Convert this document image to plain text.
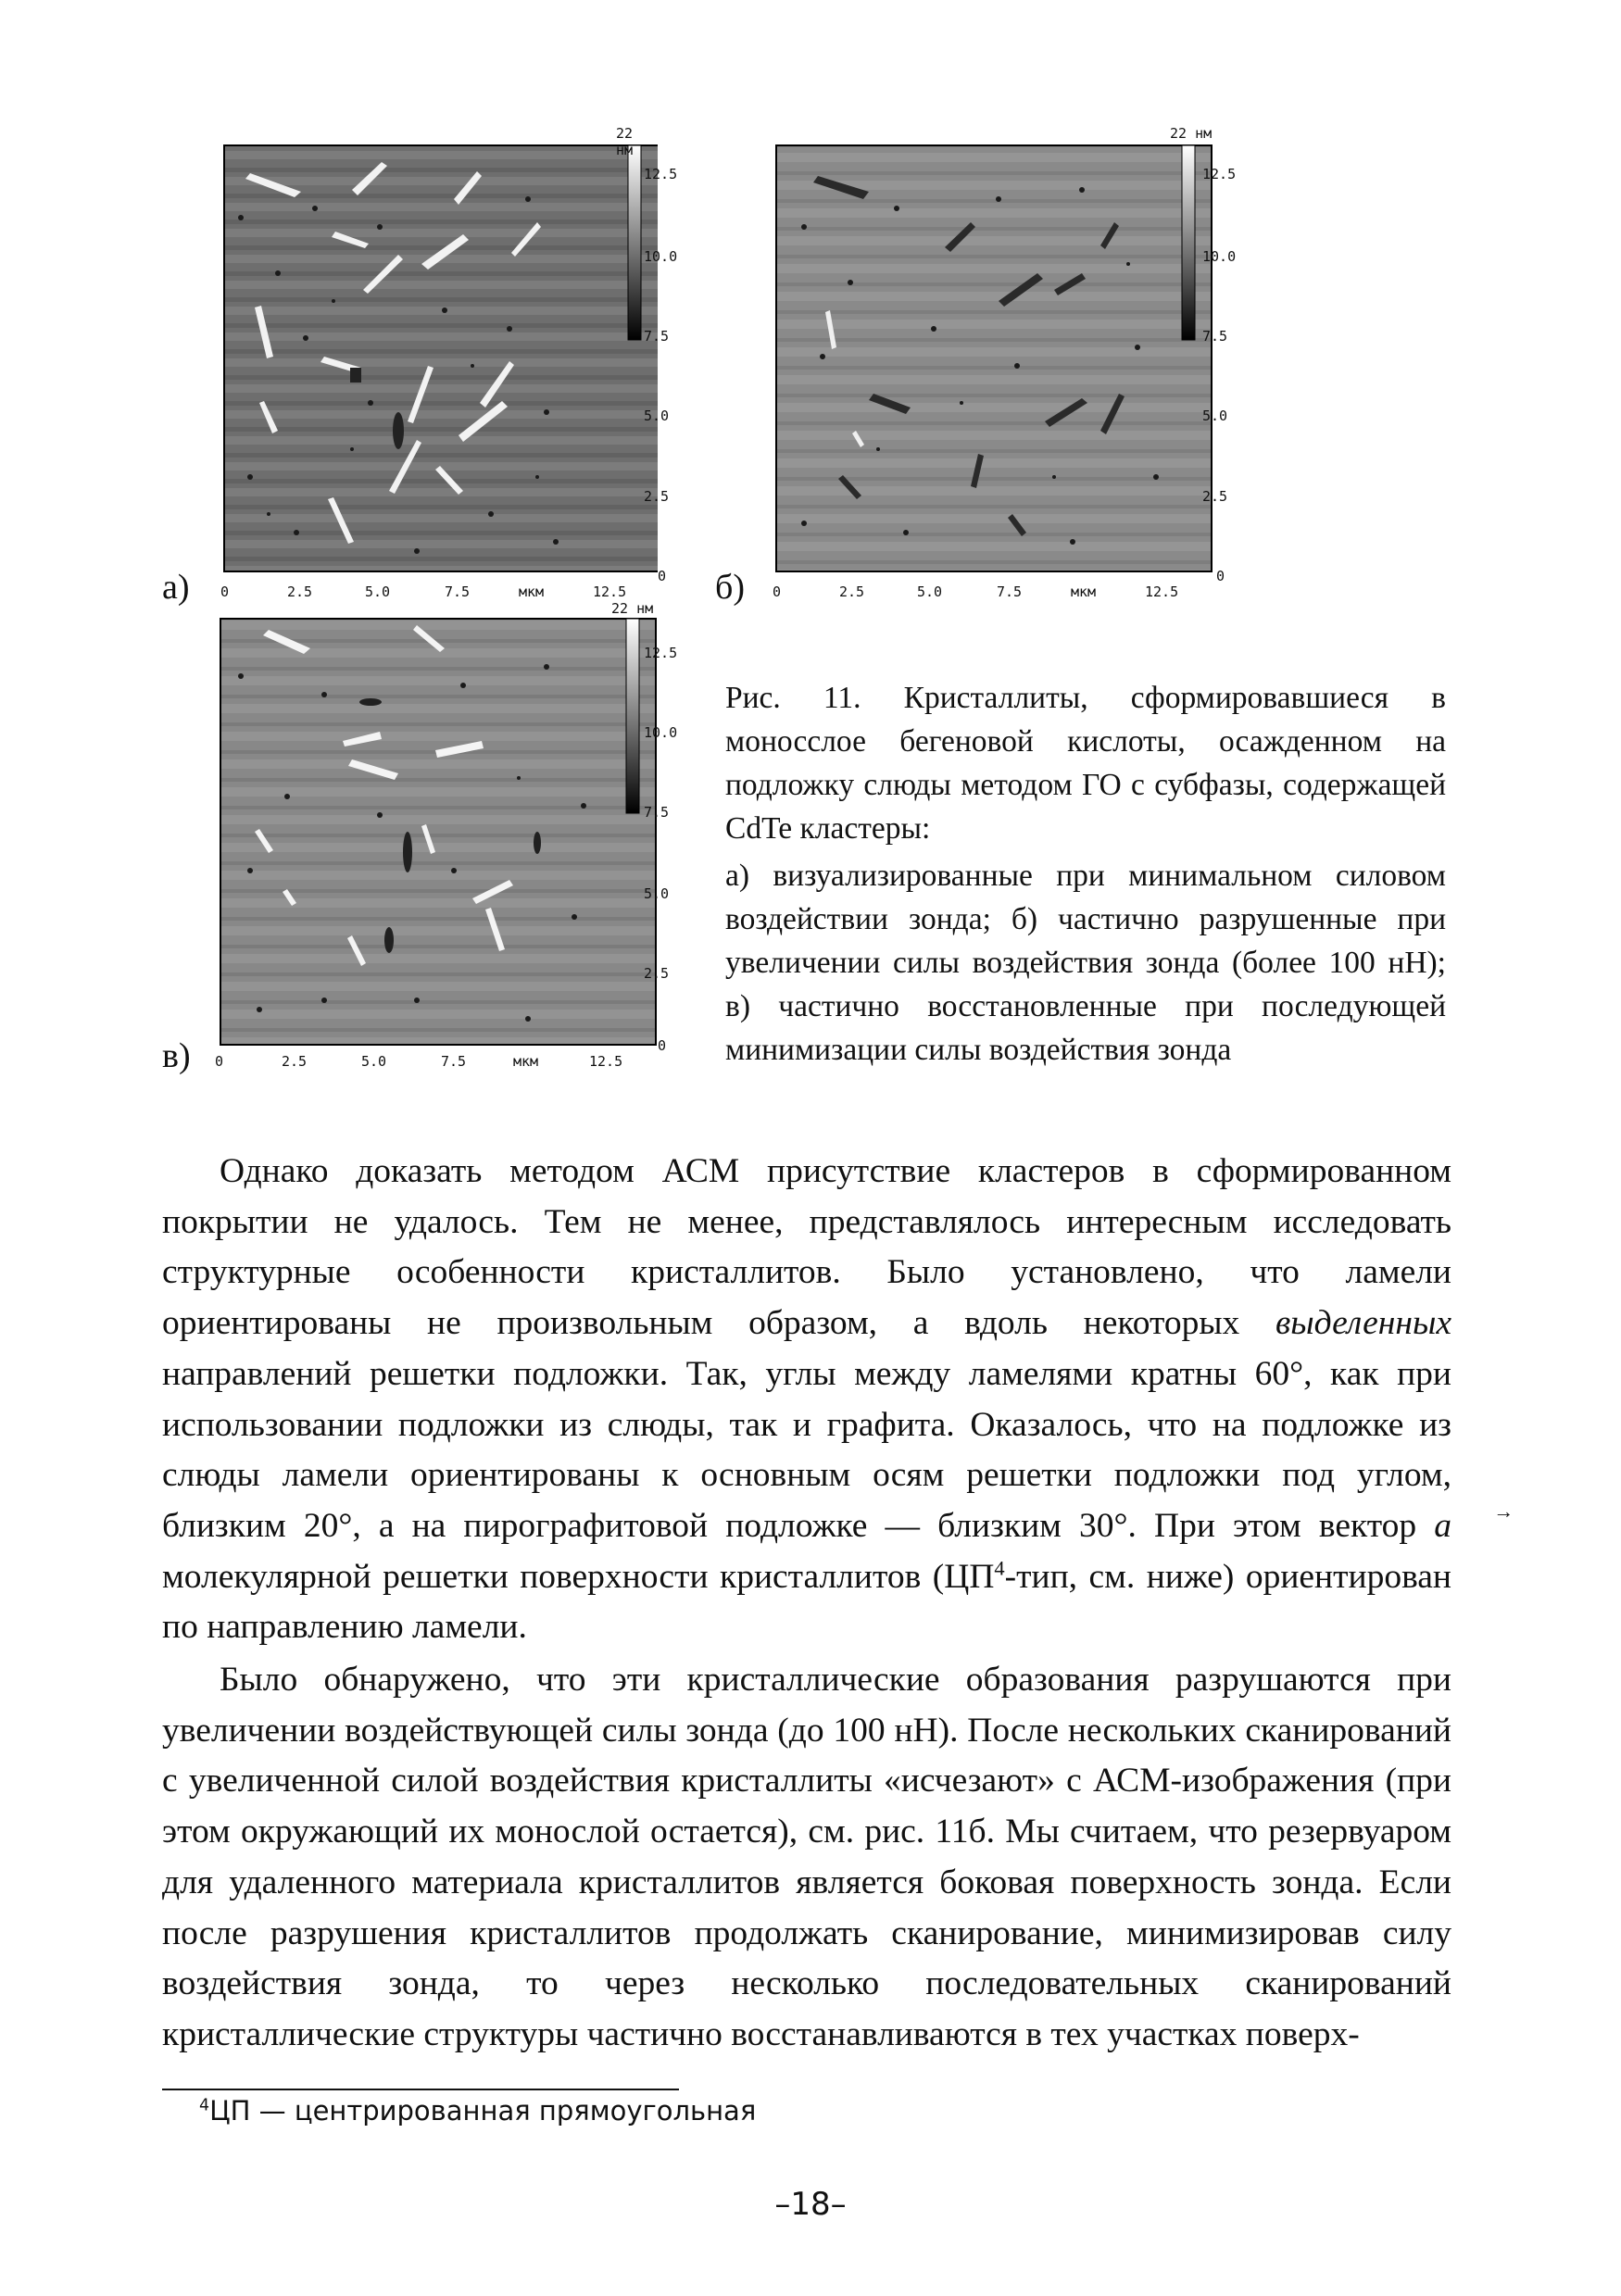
22 нм
12.5
10.0
7.5
5.0
2.5
0
0	2.5	5.0	7.5	мкм	12.5
а)
22 нм
12.5
10.0
7.5
5.0
2.5
0
0	2.5	5.0	7.5	мкм	12.5
б)
22 нм
12.5
10.0
7.5
5.0
2.5
0
0	2.5	5.0	7.5	мкм	12.5
в)

Рис. 11. Кристаллиты, сформировавшиеся в моносслое бегеновой кислоты, осажденном на подложку слюды методом ГО с субфазы, содержащей CdTe кластеры:

а) визуализированные при минимальном силовом воздействии зонда; б) частично разрушенные при увеличении силы воздействия зонда (более 100 нН); в) частично восстановленные при последующей минимизации силы воздействия зонда

Однако доказать методом АСМ присутствие кластеров в сформированном покрытии не удалось. Тем не менее, представлялось интересным исследовать структурные особенности кристаллитов. Было установлено, что ламели ориентированы не произвольным образом, а вдоль некоторых выделенных направлений решетки подложки. Так, углы между ламелями кратны 60°, как при использовании подложки из слюды, так и графита. Оказалось, что на подложке из слюды ламели ориентированы к основным осям решетки подложки под углом, близким 20°, а на пирографитовой подложке — близким 30°. При этом вектор a	→
молекулярной решетки поверхности кристаллитов ($ЦП^4$-тип, см. ниже) ориентирован по направлению ламели.

Было обнаружено, что эти кристаллические образования разрушаются при увеличении воздействующей силы зонда (до 100 нН). После нескольких сканирований с увеличенной силой воздействия кристаллиты «исчезают» с АСМ-изображения (при этом окружающий их монослой остается), см. рис. 11б. Мы считаем, что резервуаром для удаленного материала кристаллитов является боковая поверхность зонда. Если после разрушения кристаллитов продолжать сканирование, минимизировав силу воздействия зонда, то через несколько последовательных сканирований кристаллические структуры частично восстанавливаются в тех участках поверх-

$^4$ЦП — центрированная прямоугольная
–18–
